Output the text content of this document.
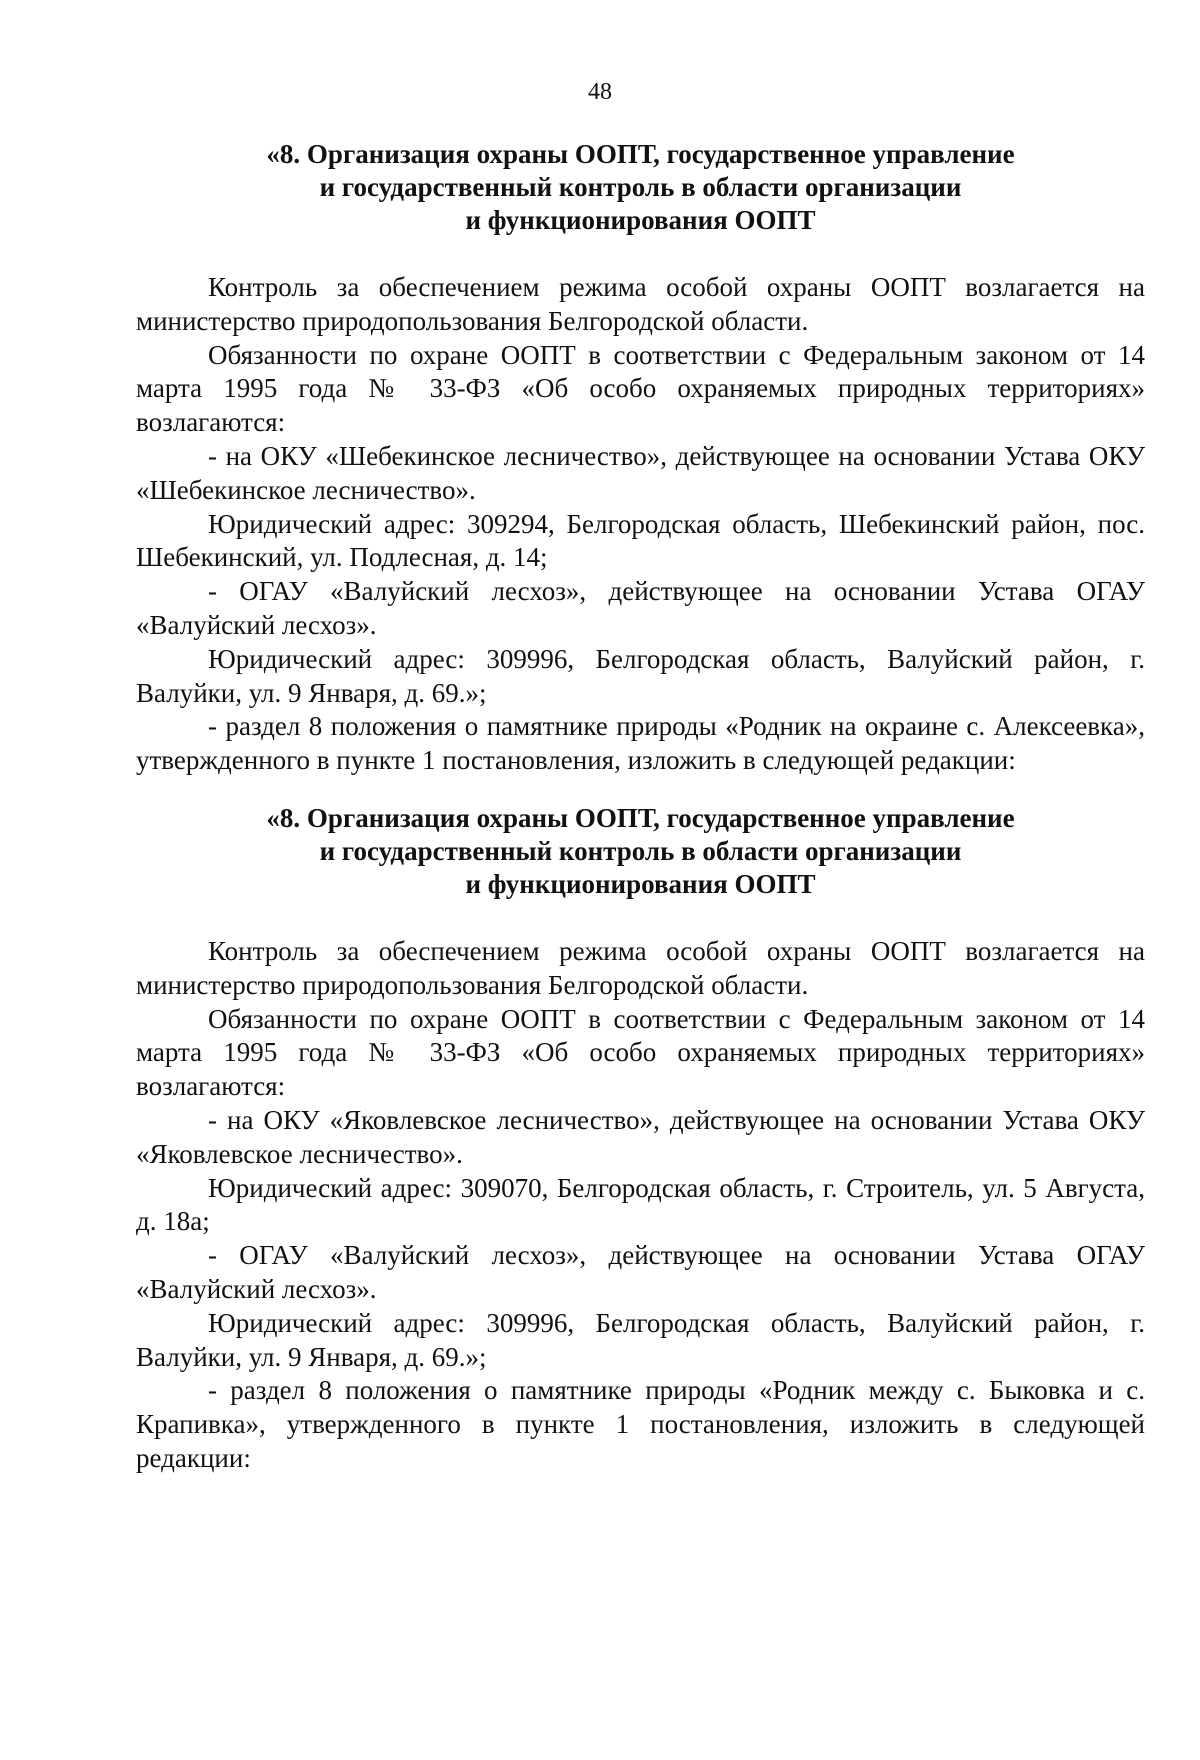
48
«8. Организация охраны ООПТ, государственное управление
и государственный контроль в области организации
и функционирования ООПТ

Контроль за обеспечением режима особой охраны ООПТ возлагается на министерство природопользования Белгородской области.

Обязанности по охране ООПТ в соответствии с Федеральным законом от 14 марта 1995 года № 33-ФЗ «Об особо охраняемых природных территориях» возлагаются:

- на ОКУ «Шебекинское лесничество», действующее на основании Устава ОКУ «Шебекинское лесничество».

Юридический адрес: 309294, Белгородская область, Шебекинский район, пос. Шебекинский, ул. Подлесная, д. 14;

- ОГАУ «Валуйский лесхоз», действующее на основании Устава ОГАУ «Валуйский лесхоз».

Юридический адрес: 309996, Белгородская область, Валуйский район, г. Валуйки, ул. 9 Января, д. 69.»;

- раздел 8 положения о памятнике природы «Родник на окраине с. Алексеевка», утвержденного в пункте 1 постановления, изложить в следующей редакции:

«8. Организация охраны ООПТ, государственное управление
и государственный контроль в области организации
и функционирования ООПТ

Контроль за обеспечением режима особой охраны ООПТ возлагается на министерство природопользования Белгородской области.

Обязанности по охране ООПТ в соответствии с Федеральным законом от 14 марта 1995 года № 33-ФЗ «Об особо охраняемых природных территориях» возлагаются:

- на ОКУ «Яковлевское лесничество», действующее на основании Устава ОКУ «Яковлевское лесничество».

Юридический адрес: 309070, Белгородская область, г. Строитель, ул. 5 Августа, д. 18а;

- ОГАУ «Валуйский лесхоз», действующее на основании Устава ОГАУ «Валуйский лесхоз».

Юридический адрес: 309996, Белгородская область, Валуйский район, г. Валуйки, ул. 9 Января, д. 69.»;

- раздел 8 положения о памятнике природы «Родник между с. Быковка и с. Крапивка», утвержденного в пункте 1 постановления, изложить в следующей редакции:
